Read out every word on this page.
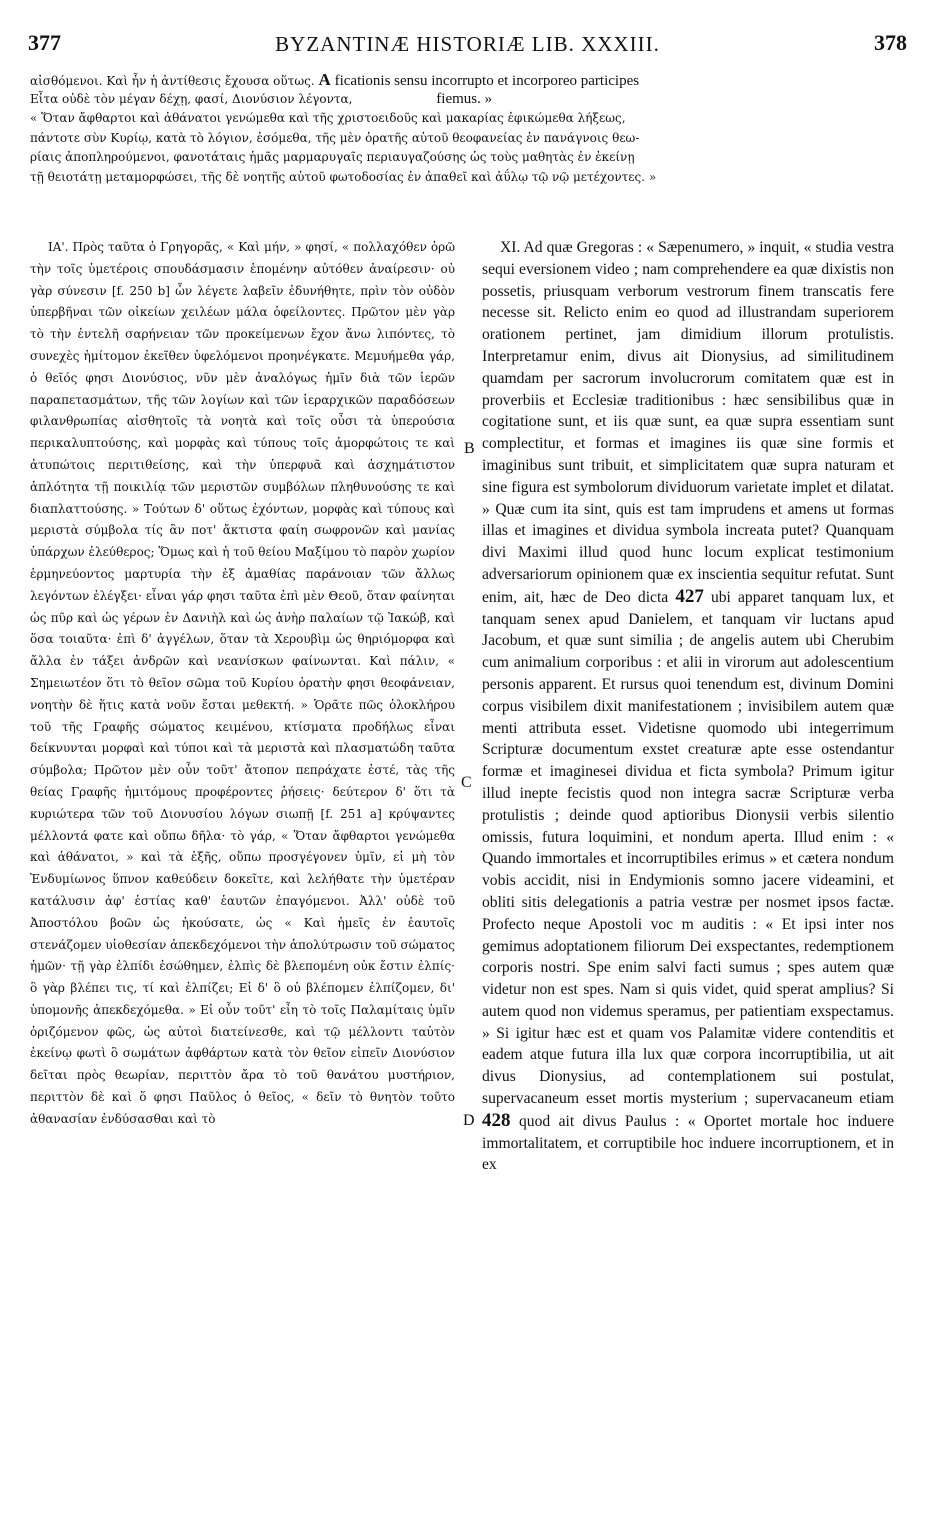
377	BYZANTINÆ HISTORIÆ LIB. XXXIII.	378
αἰσθόμενοι. Καὶ ἦν ἡ ἀντίθεσις ἔχουσα οὕτως. A ficationis sensu incorrupto et incorporeo participes
Εἶτα οὐδὲ τὸν μέγαν δέχῃ, φασί, Διονύσιον λέγοντα,	fiemus. »
« Ὅταν ἄφθαρτοι καὶ ἀθάνατοι γενώμεθα καὶ τῆς χριστοειδοῦς καὶ μακαρίας ἐφικώμεθα λήξεως,
πάντοτε σὺν Κυρίῳ, κατὰ τὸ λόγιον, ἐσόμεθα, τῆς μὲν ὁρατῆς αὐτοῦ θεοφανείας ἐν πανάγνοις θεω-
ρίαις ἀποπληρούμενοι, φανοτάταις ἡμᾶς μαρμαρυγαῖς περιαυγαζούσης ὡς τοὺς μαθητὰς ἐν ἐκείνῃ
τῇ θειοτάτῃ μεταμορφώσει, τῆς δὲ νοητῆς αὐτοῦ φωτοδοσίας ἐν ἀπαθεῖ καὶ ἀΰλῳ τῷ νῷ μετέχοντες. »

ΙΑ'. Πρὸς ταῦτα ὁ Γρηγορᾶς, « Καὶ μήν, » φησί, « πολλαχόθεν ὁρῶ τὴν τοῖς ὑμετέροις σπουδάσμασιν ἑπομένην αὐτόθεν ἀναίρεσιν· οὐ γὰρ σύνεσιν [f. 250 b] ὧν λέγετε λαβεῖν ἐδυνήθητε, πρὶν τὸν οὐδὸν ὑπερβῆναι τῶν οἰκείων χειλέων μάλα ὀφείλοντες. Πρῶτον μὲν γὰρ τὸ τὴν ἐντελῆ σαρήνειαν τῶν προκείμενων ἔχον ἄνω λιπόντες, τὸ συνεχὲς ἡμίτομον ἐκεῖθεν ὑφελόμενοι προηνέγκατε. Μεμυήμεθα γάρ, ὁ θεῖός φησι Διονύσιος, νῦν μὲν ἀναλόγως ἡμῖν διὰ τῶν ἱερῶν παραπετασμάτων, τῆς τῶν λογίων καὶ τῶν ἱεραρχικῶν παραδόσεων φιλανθρωπίας αἰσθητοῖς τὰ νοητὰ καὶ τοῖς οὖσι τὰ ὑπερούσια περικαλυπτούσης, καὶ μορφὰς καὶ τύπους τοῖς ἀμορφώτοις τε καὶ ἀτυπώτοις περιτιθείσης, καὶ τὴν ὑπερφυᾶ καὶ ἀσχημάτιστον ἁπλότητα τῇ ποικιλίᾳ τῶν μεριστῶν συμβόλων πληθυνούσης τε καὶ διαπλαττούσης. » Τούτων δ' οὕτως ἐχόντων, μορφὰς καὶ τύπους καὶ μεριστὰ σύμβολα τίς ἂν ποτ' ἄκτιστα φαίη σωφρονῶν καὶ μανίας ὑπάρχων ἐλεύθερος; Ὅμως καὶ ἡ τοῦ θείου Μαξίμου τὸ παρὸν χωρίον ἑρμηνεύοντος μαρτυρία τὴν ἐξ ἀμαθίας παράνοιαν τῶν ἄλλως λεγόντων ἐλέγξει· εἶναι γάρ φησι ταῦτα ἐπὶ μὲν Θεοῦ, ὅταν φαίνηται ὡς πῦρ καὶ ὡς γέρων ἐν Δανιὴλ καὶ ὡς ἀνὴρ παλαίων τῷ Ἰακώβ, καὶ ὅσα τοιαῦτα· ἐπὶ δ' ἀγγέλων, ὅταν τὰ Χερουβὶμ ὡς θηριόμορφα καὶ ἄλλα ἐν τάξει ἀνδρῶν καὶ νεανίσκων φαίνωνται. Καὶ πάλιν, « Σημειωτέον ὅτι τὸ θεῖον σῶμα τοῦ Κυρίου ὁρατὴν φησι θεοφάνειαν, νοητὴν δὲ ἥτις κατὰ νοῦν ἔσται μεθεκτή. » Ὁρᾶτε πῶς ὁλοκλήρου τοῦ τῆς Γραφῆς σώματος κειμένου, κτίσματα προδήλως εἶναι δείκνυνται μορφαὶ καὶ τύποι καὶ τὰ μεριστὰ καὶ πλασματώδη ταῦτα σύμβολα; Πρῶτον μὲν οὖν τοῦτ' ἄτοπον πεπράχατε ἐστέ, τὰς τῆς θείας Γραφῆς ἡμιτόμους προφέροντες ῥήσεις· δεύτερον δ' ὅτι τὰ κυριώτερα τῶν τοῦ Διονυσίου λόγων σιωπῇ [f. 251 a] κρύψαντες μέλλοντά φατε καὶ οὔπω δῆλα· τὸ γάρ, « Ὅταν ἄφθαρτοι γενώμεθα καὶ ἀθάνατοι, » καὶ τὰ ἑξῆς, οὔπω προσγέγονεν ὑμῖν, εἰ μὴ τὸν Ἐνδυμίωνος ὕπνον καθεύδειν δοκεῖτε, καὶ λελήθατε τὴν ὑμετέραν κατάλυσιν ἀφ' ἑστίας καθ' ἑαυτῶν ἐπαγόμενοι. Ἀλλ' οὐδὲ τοῦ Ἀποστόλου βοῶν ὡς ἠκούσατε, ὡς « Καὶ ἡμεῖς ἐν ἑαυτοῖς στενάζομεν υἱοθεσίαν ἀπεκδεχόμενοι τὴν ἀπολύτρωσιν τοῦ σώματος ἡμῶν· τῇ γὰρ ἐλπίδι ἐσώθημεν, ἐλπὶς δὲ βλεπομένη οὐκ ἔστιν ἐλπίς· ὃ γὰρ βλέπει τις, τί καὶ ἐλπίζει; Εἰ δ' ὃ οὐ βλέπομεν ἐλπίζομεν, δι' ὑπομονῆς ἀπεκδεχόμεθα. » Εἰ οὖν τοῦτ' εἶη τὸ τοῖς Παλαμίταις ὑμῖν ὁριζόμενον φῶς, ὡς αὐτοὶ διατείνεσθε, καὶ τῷ μέλλοντι ταὐτὸν ἐκείνῳ φωτὶ ὃ σωμάτων ἀφθάρτων κατὰ τὸν θεῖον εἰπεῖν Διονύσιον δεῖται πρὸς θεωρίαν, περιττὸν ἄρα τὸ τοῦ θανάτου μυστήριον, περιττὸν δὲ καὶ ὅ φησι Παῦλος ὁ θεῖος, « δεῖν τὸ θνητὸν τοῦτο ἀθανασίαν ἐνδύσασθαι καὶ τὸ

B
C
D

XI. Ad quæ Gregoras : « Sæpenumero, » inquit, « studia vestra sequi eversionem video ; nam comprehendere ea quæ dixistis non possetis, priusquam verborum vestrorum finem transcatis fere necesse sit. Relicto enim eo quod ad illustrandam superiorem orationem pertinet, jam dimidium illorum protulistis. Interpretamur enim, divus ait Dionysius, ad similitudinem quamdam per sacrorum involucrorum comitatem quæ est in proverbiis et Ecclesiæ traditionibus : hæc sensibilibus quæ in cogitatione sunt, et iis quæ sunt, ea quæ supra essentiam sunt complectitur, et formas et imagines iis quæ sine formis et imaginibus sunt tribuit, et simplicitatem quæ supra naturam et sine figura est symbolorum dividuorum varietate implet et dilatat. » Quæ cum ita sint, quis est tam imprudens et amens ut formas illas et imagines et dividua symbola increata putet? Quanquam divi Maximi illud quod hunc locum explicat testimonium adversariorum opinionem quæ ex inscientia sequitur refutat. Sunt enim, ait, hæc de Deo dicta 427 ubi apparet tanquam lux, et tanquam senex apud Danielem, et tanquam vir luctans apud Jacobum, et quæ sunt similia ; de angelis autem ubi Cherubim cum animalium corporibus : et alii in virorum aut adolescentium personis apparent. Et rursus quoi tenendum est, divinum Domini corpus visibilem dixit manifestationem ; invisibilem autem quæ menti attributa esset. Videtisne quomodo ubi integerrimum Scripturæ documentum exstet creaturæ apte esse ostendantur formæ et imaginesei dividua et ficta symbola? Primum igitur illud inepte fecistis quod non integra sacræ Scripturæ verba protulistis ; deinde quod aptioribus Dionysii verbis silentio omissis, futura loquimini, et nondum aperta. Illud enim : « Quando immortales et incorruptibiles erimus » et cætera nondum vobis accidit, nisi in Endymionis somno jacere videamini, et obliti sitis delegationis a patria vestræ per nosmet ipsos factæ. Profecto neque Apostoli voc m auditis : « Et ipsi inter nos gemimus adoptationem filiorum Dei exspectantes, redemptionem corporis nostri. Spe enim salvi facti sumus ; spes autem quæ videtur non est spes. Nam si quis videt, quid sperat amplius? Si autem quod non videmus speramus, per patientiam exspectamus. » Si igitur hæc est et quam vos Palamitæ videre contenditis et eadem atque futura illa lux quæ corpora incorruptibilia, ut ait divus Dionysius, ad contemplationem sui postulat, supervacaneum esset mortis mysterium ; supervacaneum etiam 428 quod ait divus Paulus : « Oportet mortale hoc induere immortalitatem, et corruptibile hoc induere incorruptionem, et in ex
